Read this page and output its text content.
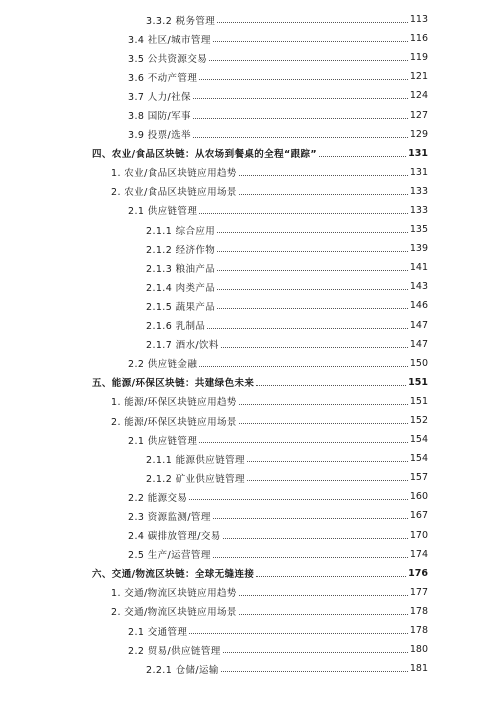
3.3.2 税务管理	113
3.4 社区/城市管理	116
3.5 公共资源交易	119
3.6 不动产管理	121
3.7 人力/社保	124
3.8 国防/军事	127
3.9 投票/选举	129
四、农业/食品区块链：从农场到餐桌的全程“跟踪”	131
1. 农业/食品区块链应用趋势	131
2. 农业/食品区块链应用场景	133
2.1 供应链管理	133
2.1.1 综合应用	135
2.1.2 经济作物	139
2.1.3 粮油产品	141
2.1.4 肉类产品	143
2.1.5 蔬果产品	146
2.1.6 乳制品	147
2.1.7 酒水/饮料	147
2.2 供应链金融	150
五、能源/环保区块链：共建绿色未来	151
1. 能源/环保区块链应用趋势	151
2. 能源/环保区块链应用场景	152
2.1 供应链管理	154
2.1.1 能源供应链管理	154
2.1.2 矿业供应链管理	157
2.2 能源交易	160
2.3 资源监测/管理	167
2.4 碳排放管理/交易	170
2.5 生产/运营管理	174
六、交通/物流区块链：全球无缝连接	176
1. 交通/物流区块链应用趋势	177
2. 交通/物流区块链应用场景	178
2.1 交通管理	178
2.2 贸易/供应链管理	180
2.2.1 仓储/运输	181
